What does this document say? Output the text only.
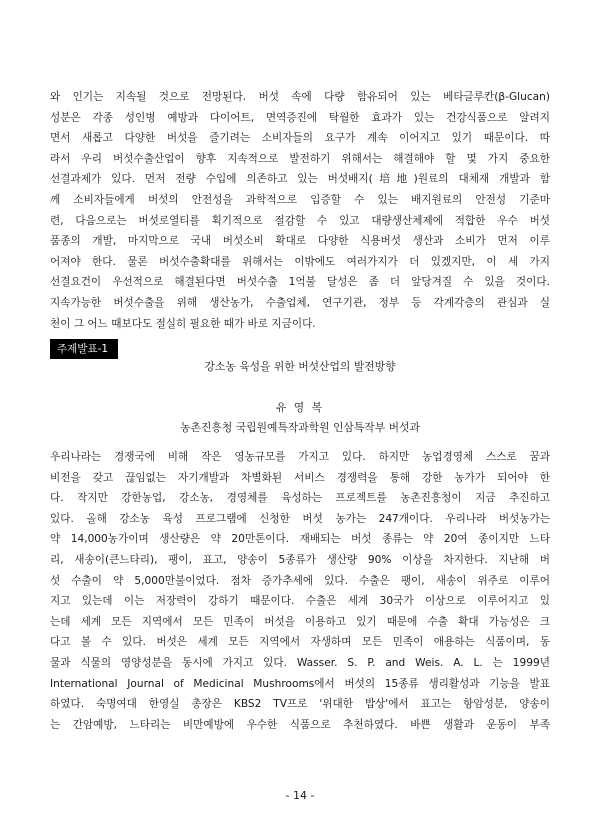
와 인기는 지속될 것으로 전망된다. 버섯 속에 다량 함유되어 있는 베타글루칸(β-Glucan)
성분은 각종 성인병 예방과 다이어트, 면역증진에 탁월한 효과가 있는 건강식품으로 알려지
면서 새롭고 다양한 버섯을 즐기려는 소비자들의 요구가 계속 이어지고 있기 때문이다. 따
라서 우리 버섯수출산업이 향후 지속적으로 발전하기 위해서는 해결해야 할 몇 가지 중요한
선결과제가 있다. 먼저 전량 수입에 의존하고 있는 버섯배지(培地)원료의 대체재 개발과 함
께 소비자들에게 버섯의 안전성을 과학적으로 입증할 수 있는 배지원료의 안전성 기준마
련, 다음으로는 버섯로열티를 획기적으로 절감할 수 있고 대량생산체제에 적합한 우수 버섯
품종의 개발, 마지막으로 국내 버섯소비 확대로 다양한 식용버섯 생산과 소비가 먼저 이루
어져야 한다. 물론 버섯수출확대를 위해서는 이밖에도 여러가지가 더 있겠지만, 이 세 가지
선결요건이 우선적으로 해결된다면 버섯수출 1억불 달성은 좀 더 앞당겨질 수 있을 것이다.
지속가능한 버섯수출을 위해 생산농가, 수출업체, 연구기관, 정부 등 각계각층의 관심과 실
천이 그 어느 때보다도 절실히 필요한 때가 바로 지금이다.
주제발표-1
강소농 육성을 위한 버섯산업의 발전방향
유 영 복
농촌진흥청 국립원예특작과학원 인삼특작부 버섯과
우리나라는 경쟁국에 비해 작은 영농규모를 가지고 있다. 하지만 농업경영체 스스로 꿈과
비전을 갖고 끊임없는 자기개발과 차별화된 서비스 경쟁력을 통해 강한 농가가 되어야 한
다. 작지만 강한농업, 강소농, 경영체를 육성하는 프로젝트를 농촌진흥청이 지금 추진하고
있다. 올해 강소농 육성 프로그램에 신청한 버섯 농가는 247개이다. 우리나라 버섯농가는
약 14,000농가이며 생산량은 약 20만톤이다. 재배되는 버섯 종류는 약 20여 종이지만 느타
리, 새송이(큰느타리), 팽이, 표고, 양송이 5종류가 생산량 90% 이상을 차지한다. 지난해 버
섯 수출이 약 5,000만불이었다. 점차 증가추세에 있다. 수출은 팽이, 새송이 위주로 이루어
지고 있는데 이는 저장력이 강하기 때문이다. 수출은 세계 30국가 이상으로 이루어지고 있
는데 세계 모든 지역에서 모든 민족이 버섯을 이용하고 있기 때문에 수출 확대 가능성은 크
다고 볼 수 있다. 버섯은 세계 모든 지역에서 자생하며 모든 민족이 애용하는 식품이며, 동
물과 식물의 영양성분을 동시에 가지고 있다. Wasser. S. P. and Weis. A. L. 는 1999년
International Journal of Medicinal Mushrooms에서 버섯의 15종류 생리활성과 기능을 발표
하였다. 숙명여대 한영실 총장은 KBS2 TV프로 '위대한 밥상'에서 표고는 항암성분, 양송이
는 간암예방, 느타리는 비만예방에 우수한 식품으로 추천하였다. 바쁜 생활과 운동이 부족
- 14 -
